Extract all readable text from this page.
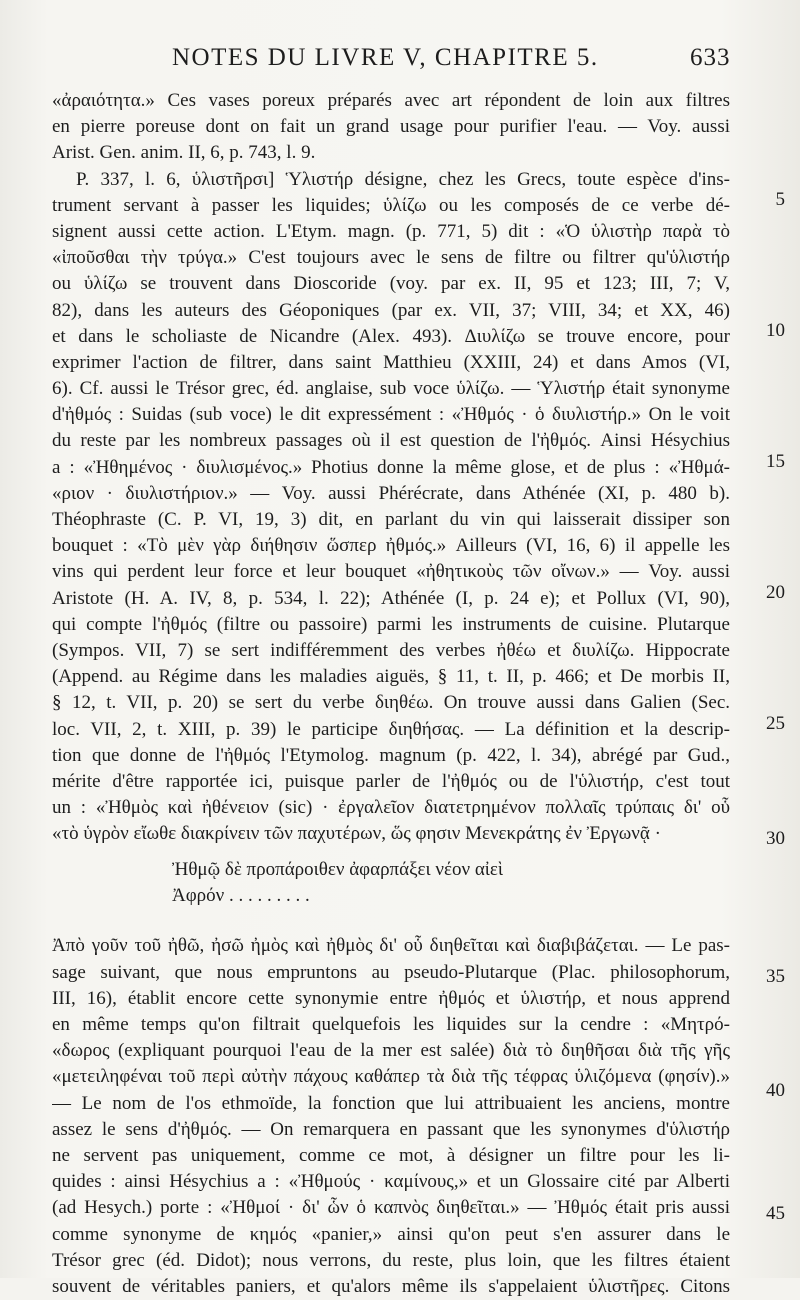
NOTES DU LIVRE V, CHAPITRE 5.	633
«ἀραιότητα.» Ces vases poreux préparés avec art répondent de loin aux filtres
en pierre poreuse dont on fait un grand usage pour purifier l'eau. — Voy. aussi
Arist. Gen. anim. II, 6, p. 743, l. 9.
P. 337, l. 6, ὑλιστῆρσι] Ὑλιστήρ désigne, chez les Grecs, toute espèce d'ins-
trument servant à passer les liquides; ὑλίζω ou les composés de ce verbe dé-
signent aussi cette action. L'Etym. magn. (p. 771, 5) dit : «Ὁ ὑλιστὴρ παρὰ τὸ
«ἰποῦσθαι τὴν τρύγα.» C'est toujours avec le sens de filtre ou filtrer qu'ὑλιστήρ
ou ὑλίζω se trouvent dans Dioscoride (voy. par ex. II, 95 et 123; III, 7; V,
82), dans les auteurs des Géoponiques (par ex. VII, 37; VIII, 34; et XX, 46)
et dans le scholiaste de Nicandre (Alex. 493). Διυλίζω se trouve encore, pour
exprimer l'action de filtrer, dans saint Matthieu (XXIII, 24) et dans Amos (VI,
6). Cf. aussi le Trésor grec, éd. anglaise, sub voce ὑλίζω. — Ὑλιστήρ était synonyme
d'ἠθμός : Suidas (sub voce) le dit expressément : «Ἠθμός · ὁ διυλιστήρ.» On le voit
du reste par les nombreux passages où il est question de l'ἠθμός. Ainsi Hésychius
a : «Ἠθημένος · διυλισμένος.» Photius donne la même glose, et de plus : «Ἠθμά-
«ριον · διυλιστήριον.» — Voy. aussi Phérécrate, dans Athénée (XI, p. 480 b).
Théophraste (C. P. VI, 19, 3) dit, en parlant du vin qui laisserait dissiper son
bouquet : «Τὸ μὲν γὰρ διήθησιν ὥσπερ ἠθμός.» Ailleurs (VI, 16, 6) il appelle les
vins qui perdent leur force et leur bouquet «ἠθητικοὺς τῶν οἴνων.» — Voy. aussi
Aristote (H. A. IV, 8, p. 534, l. 22); Athénée (I, p. 24 e); et Pollux (VI, 90),
qui compte l'ἠθμός (filtre ou passoire) parmi les instruments de cuisine. Plutarque
(Sympos. VII, 7) se sert indifféremment des verbes ἠθέω et διυλίζω. Hippocrate
(Append. au Régime dans les maladies aiguës, § 11, t. II, p. 466; et De morbis II,
§ 12, t. VII, p. 20) se sert du verbe διηθέω. On trouve aussi dans Galien (Sec.
loc. VII, 2, t. XIII, p. 39) le participe διηθήσας. — La définition et la descrip-
tion que donne de l'ἠθμός l'Etymolog. magnum (p. 422, l. 34), abrégé par Gud.,
mérite d'être rapportée ici, puisque parler de l'ἠθμός ou de l'ὑλιστήρ, c'est tout
un : «Ἠθμὸς καὶ ἠθένειον (sic) · ἐργαλεῖον διατετρημένον πολλαῖς τρύπαις δι' οὗ
«τὸ ὑγρὸν εἴωθε διακρίνειν τῶν παχυτέρων, ὥς φησιν Μενεκράτης ἐν Ἐργωνᾷ ·
Ἠθμῷ δὲ προπάροιθεν ἀφαρπάξει νέον αἰεὶ
Ἀφρόν . . . . . . . . .
Ἀπὸ γοῦν τοῦ ἠθῶ, ἠσῶ ἠμὸς καὶ ἠθμὸς δι' οὗ διηθεῖται καὶ διαβιβάζεται. — Le pas-
sage suivant, que nous empruntons au pseudo-Plutarque (Plac. philosophorum,
III, 16), établit encore cette synonymie entre ἠθμός et ὑλιστήρ, et nous apprend
en même temps qu'on filtrait quelquefois les liquides sur la cendre : «Μητρό-
«δωρος (expliquant pourquoi l'eau de la mer est salée) διὰ τὸ διηθῆσαι διὰ τῆς γῆς
«μετειληφέναι τοῦ περὶ αὐτὴν πάχους καθάπερ τὰ διὰ τῆς τέφρας ὑλιζόμενα (φησίν).»
— Le nom de l'os ethmoïde, la fonction que lui attribuaient les anciens, montre
assez le sens d'ἠθμός. — On remarquera en passant que les synonymes d'ὑλιστήρ
ne servent pas uniquement, comme ce mot, à désigner un filtre pour les li-
quides : ainsi Hésychius a : «Ἠθμούς · καμίνους,» et un Glossaire cité par Alberti
(ad Hesych.) porte : «Ἠθμοί · δι' ὧν ὁ καπνὸς διηθεῖται.» — Ἠθμός était pris aussi
comme synonyme de κημός «panier,» ainsi qu'on peut s'en assurer dans le
Trésor grec (éd. Didot); nous verrons, du reste, plus loin, que les filtres étaient
souvent de véritables paniers, et qu'alors même ils s'appelaient ὑλιστῆρες. Citons
5
10
15
20
25
30
35
40
45
